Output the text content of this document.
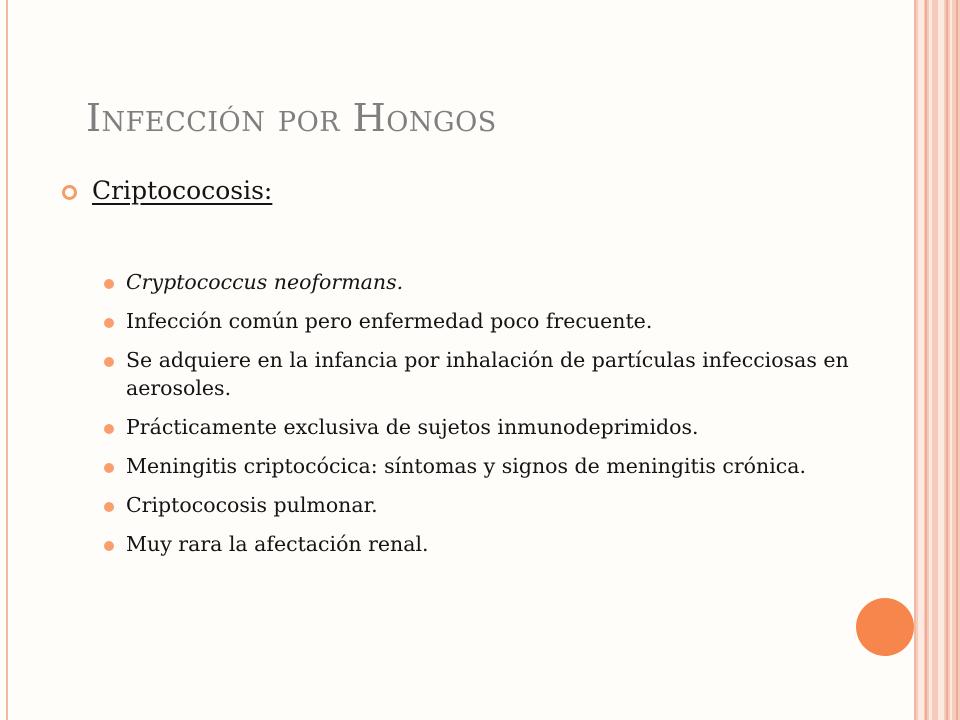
Infección por Hongos
Criptococosis:
Cryptococcus neoformans.
Infección común pero enfermedad poco frecuente.
Se adquiere en la infancia por inhalación de partículas infecciosas en aerosoles.
Prácticamente exclusiva de sujetos inmunodeprimidos.
Meningitis criptocócica: síntomas y signos de meningitis crónica.
Criptococosis pulmonar.
Muy rara la afectación renal.
